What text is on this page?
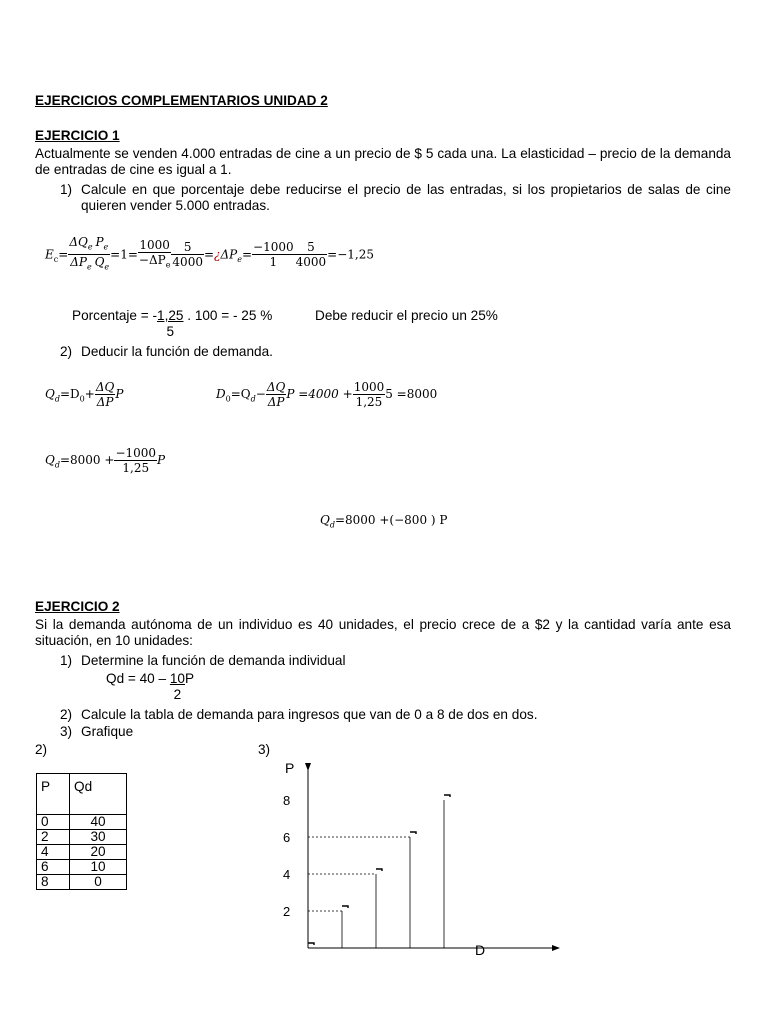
EJERCICIOS COMPLEMENTARIOS UNIDAD 2
EJERCICIO 1
Actualmente se venden 4.000 entradas de cine a un precio de $ 5 cada una. La elasticidad – precio de la demanda de entradas de cine es igual a 1.
1) Calcule en que porcentaje debe reducirse el precio de las entradas, si los propietarios de salas de cine quieren vender 5.000 entradas.
$E_c= \frac{\Delta Q_e}{\Delta P_e} \frac{P_e}{Q_e} =1= \frac{1000}{-\Delta P_e} \frac{5}{4000}$ $=¿\Delta P_e= \frac{-1000}{1} \frac{5}{4000} =-1,25$
Porcentaje = - $\frac{1,25}{5}$ . 100 = - 25 %	Debe reducir el precio un 25%
2) Deducir la función de demanda.
$Q_d=D_0+ \frac{\Delta Q}{\Delta P}$ P	$D_0=Q_d- \frac{\Delta Q}{\Delta P}$ $P =4000 + \frac{1000}{1,25} 5 =8000$
$Q_d=8000 + \frac{-1000}{1,25}$ P
$Q_d=8000 +(-800$ ) P
EJERCICIO 2
Si la demanda autónoma de un individuo es 40 unidades, el precio crece de a $2 y la cantidad varía ante esa situación, en 10 unidades:
1) Determine la función de demanda individual
$Qd = 40 - \frac{10}{2}$ P
2) Calcule la tabla de demanda para ingresos que van de 0 a 8 de dos en dos.
3) Grafique
2)	3)
P	Qd
0	40
2	30
4	20
6	10
8	0
P
D
8
6
4
2
